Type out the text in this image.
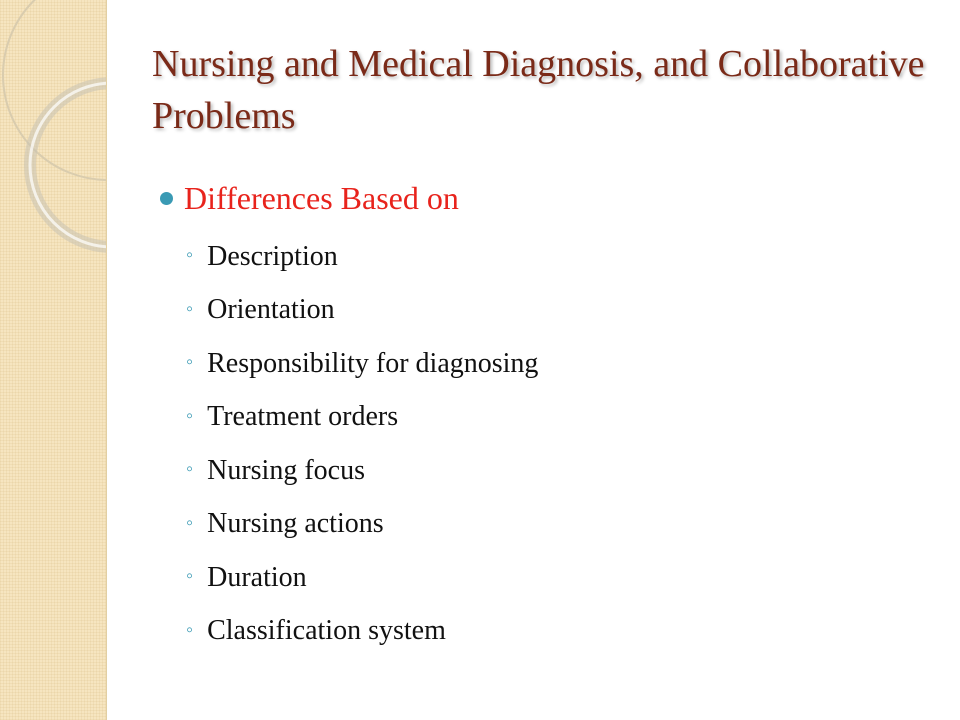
Nursing and Medical Diagnosis, and Collaborative Problems
Differences Based on
◦ Description
◦ Orientation
◦ Responsibility for diagnosing
◦ Treatment orders
◦ Nursing focus
◦ Nursing actions
◦ Duration
◦ Classification system
